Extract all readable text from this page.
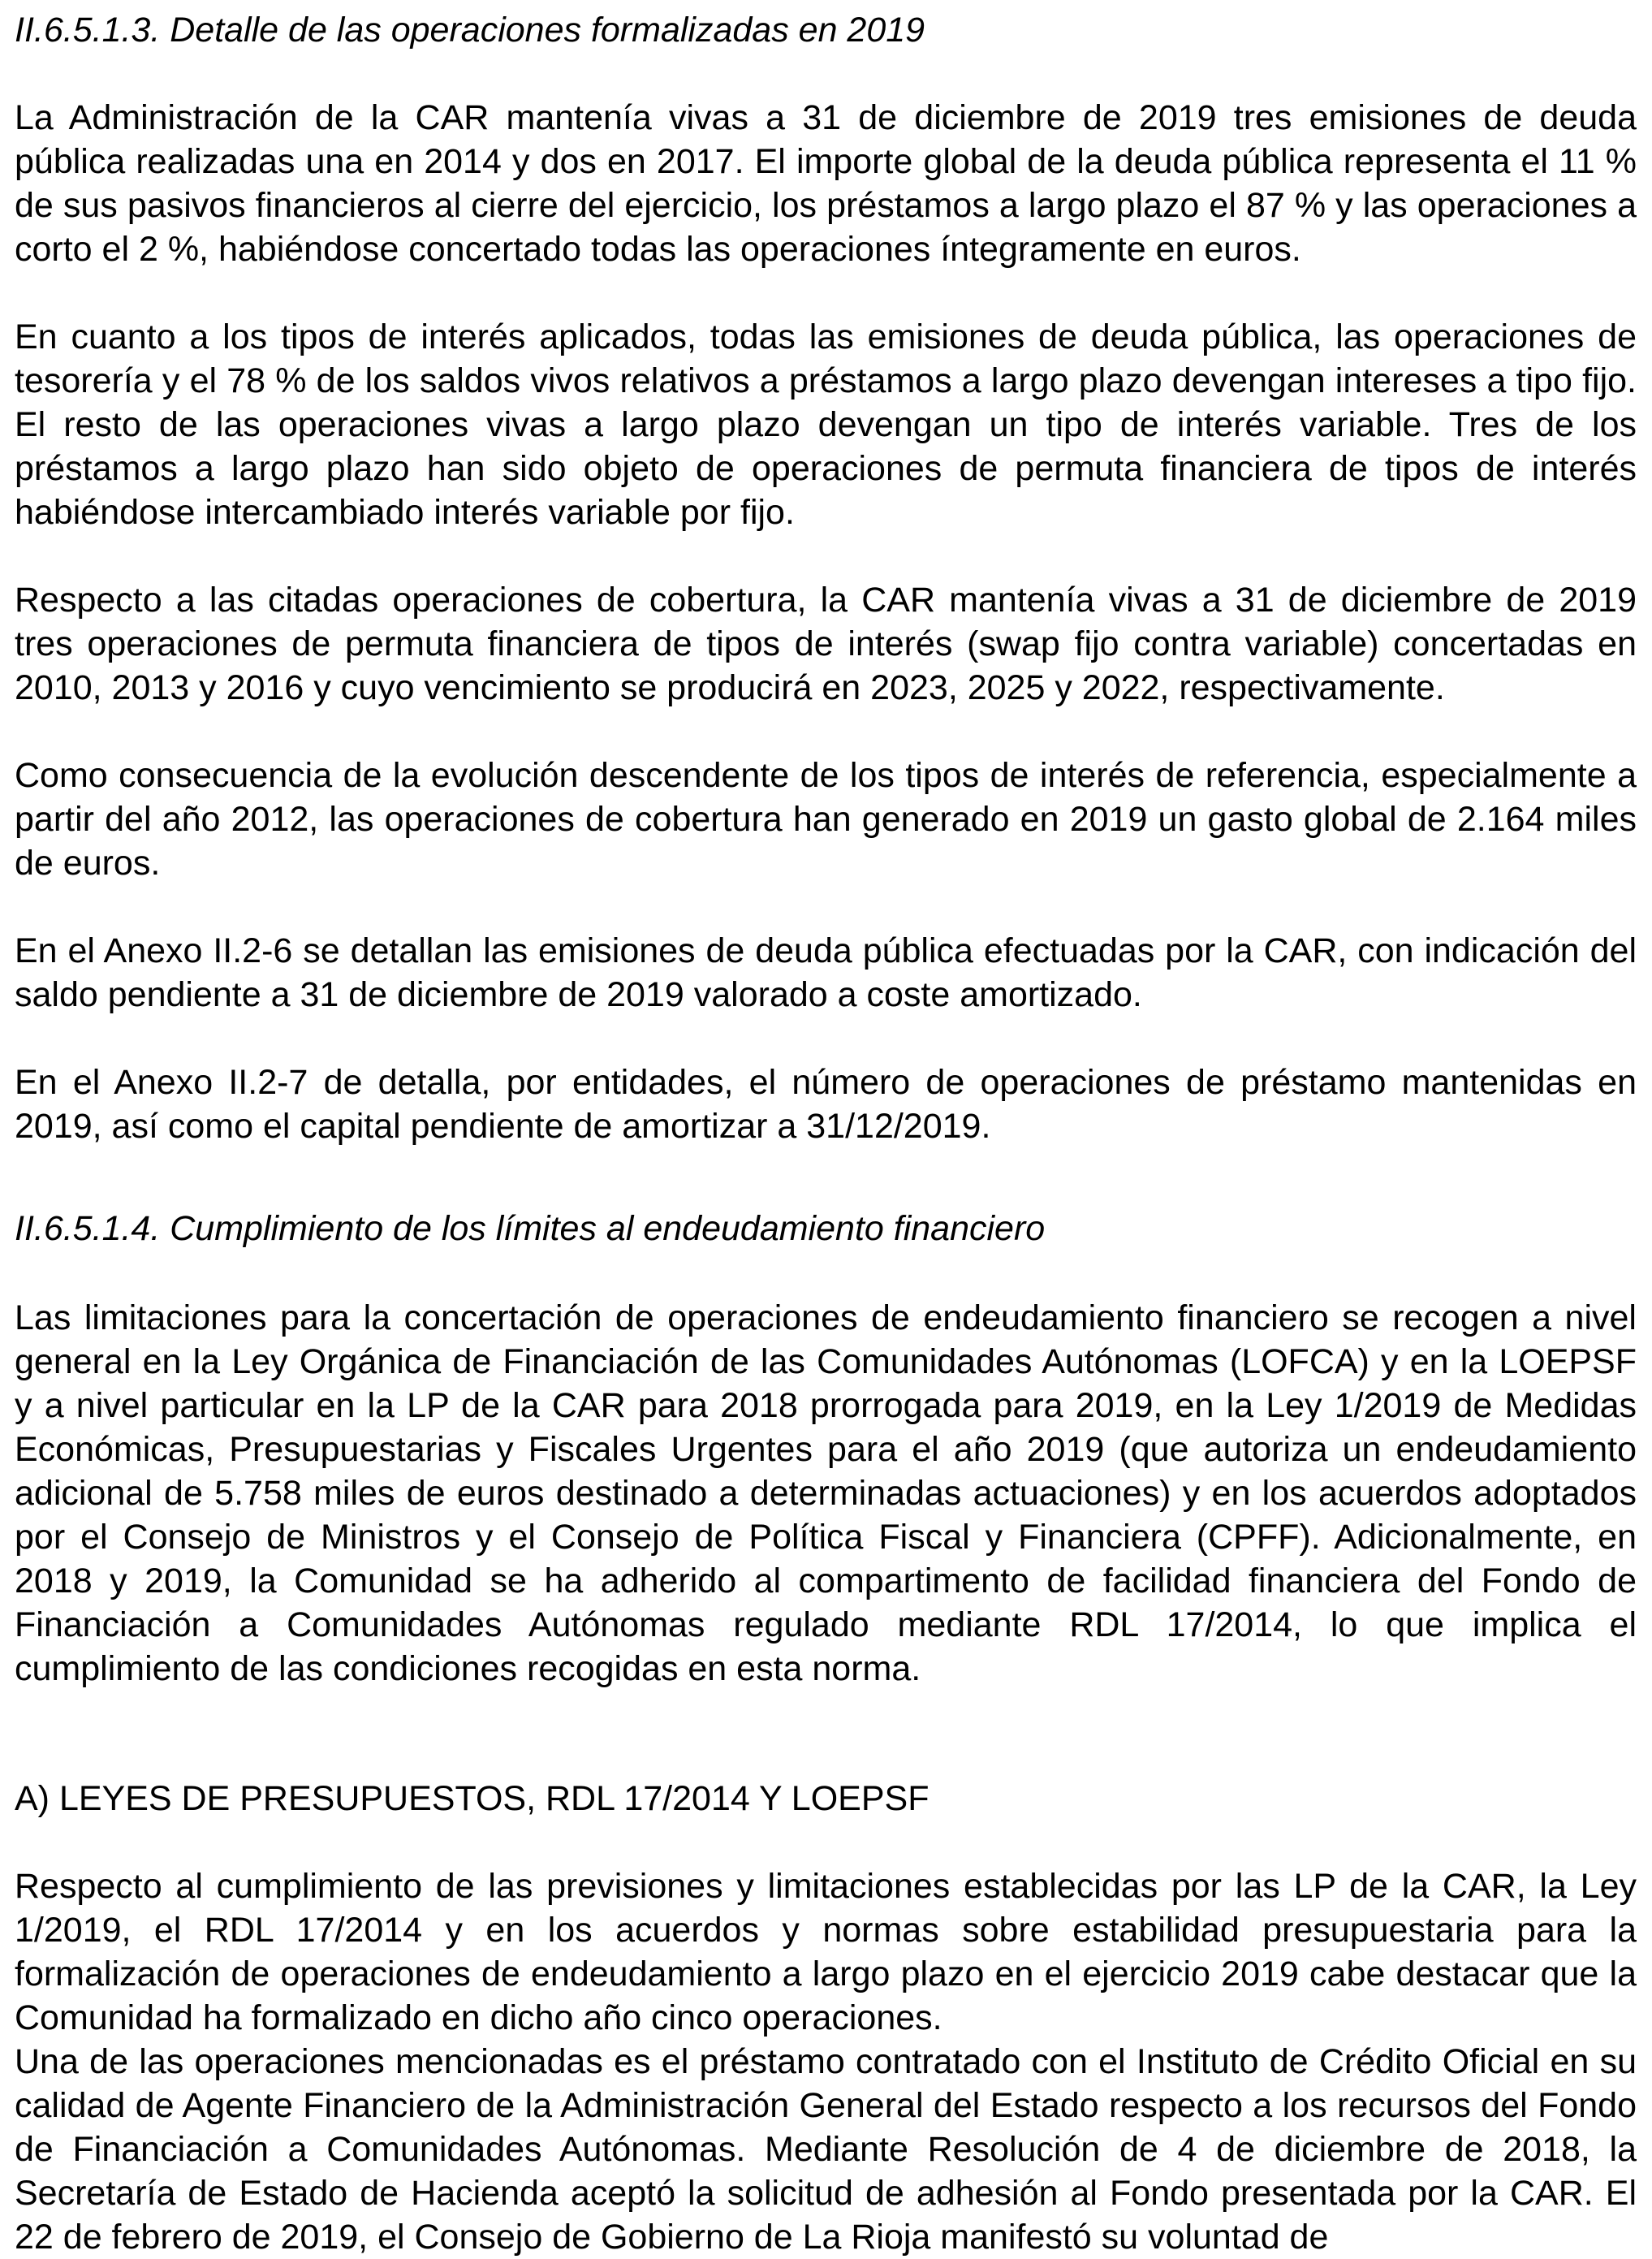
II.6.5.1.3. Detalle de las operaciones formalizadas en 2019

La Administración de la CAR mantenía vivas a 31 de diciembre de 2019 tres emisiones de deuda pública realizadas una en 2014 y dos en 2017. El importe global de la deuda pública representa el 11 % de sus pasivos financieros al cierre del ejercicio, los préstamos a largo plazo el 87 % y las operaciones a corto el 2 %, habiéndose concertado todas las operaciones íntegramente en euros.

En cuanto a los tipos de interés aplicados, todas las emisiones de deuda pública, las operaciones de tesorería y el 78 % de los saldos vivos relativos a préstamos a largo plazo devengan intereses a tipo fijo. El resto de las operaciones vivas a largo plazo devengan un tipo de interés variable. Tres de los préstamos a largo plazo han sido objeto de operaciones de permuta financiera de tipos de interés habiéndose intercambiado interés variable por fijo.

Respecto a las citadas operaciones de cobertura, la CAR mantenía vivas a 31 de diciembre de 2019 tres operaciones de permuta financiera de tipos de interés (swap fijo contra variable) concertadas en 2010, 2013 y 2016 y cuyo vencimiento se producirá en 2023, 2025 y 2022, respectivamente.

Como consecuencia de la evolución descendente de los tipos de interés de referencia, especialmente a partir del año 2012, las operaciones de cobertura han generado en 2019 un gasto global de 2.164 miles de euros.

En el Anexo II.2-6 se detallan las emisiones de deuda pública efectuadas por la CAR, con indicación del saldo pendiente a 31 de diciembre de 2019 valorado a coste amortizado.

En el Anexo II.2-7 de detalla, por entidades, el número de operaciones de préstamo mantenidas en 2019, así como el capital pendiente de amortizar a 31/12/2019.

II.6.5.1.4. Cumplimiento de los límites al endeudamiento financiero

Las limitaciones para la concertación de operaciones de endeudamiento financiero se recogen a nivel general en la Ley Orgánica de Financiación de las Comunidades Autónomas (LOFCA) y en la LOEPSF y a nivel particular en la LP de la CAR para 2018 prorrogada para 2019, en la Ley 1/2019 de Medidas Económicas, Presupuestarias y Fiscales Urgentes para el año 2019 (que autoriza un endeudamiento adicional de 5.758 miles de euros destinado a determinadas actuaciones) y en los acuerdos adoptados por el Consejo de Ministros y el Consejo de Política Fiscal y Financiera (CPFF). Adicionalmente, en 2018 y 2019, la Comunidad se ha adherido al compartimento de facilidad financiera del Fondo de Financiación a Comunidades Autónomas regulado mediante RDL 17/2014, lo que implica el cumplimiento de las condiciones recogidas en esta norma.

A) LEYES DE PRESUPUESTOS, RDL 17/2014 Y LOEPSF

Respecto al cumplimiento de las previsiones y limitaciones establecidas por las LP de la CAR, la Ley 1/2019, el RDL 17/2014 y en los acuerdos y normas sobre estabilidad presupuestaria para la formalización de operaciones de endeudamiento a largo plazo en el ejercicio 2019 cabe destacar que la Comunidad ha formalizado en dicho año cinco operaciones.

Una de las operaciones mencionadas es el préstamo contratado con el Instituto de Crédito Oficial en su calidad de Agente Financiero de la Administración General del Estado respecto a los recursos del Fondo de Financiación a Comunidades Autónomas. Mediante Resolución de 4 de diciembre de 2018, la Secretaría de Estado de Hacienda aceptó la solicitud de adhesión al Fondo presentada por la CAR. El 22 de febrero de 2019, el Consejo de Gobierno de La Rioja manifestó su voluntad de
